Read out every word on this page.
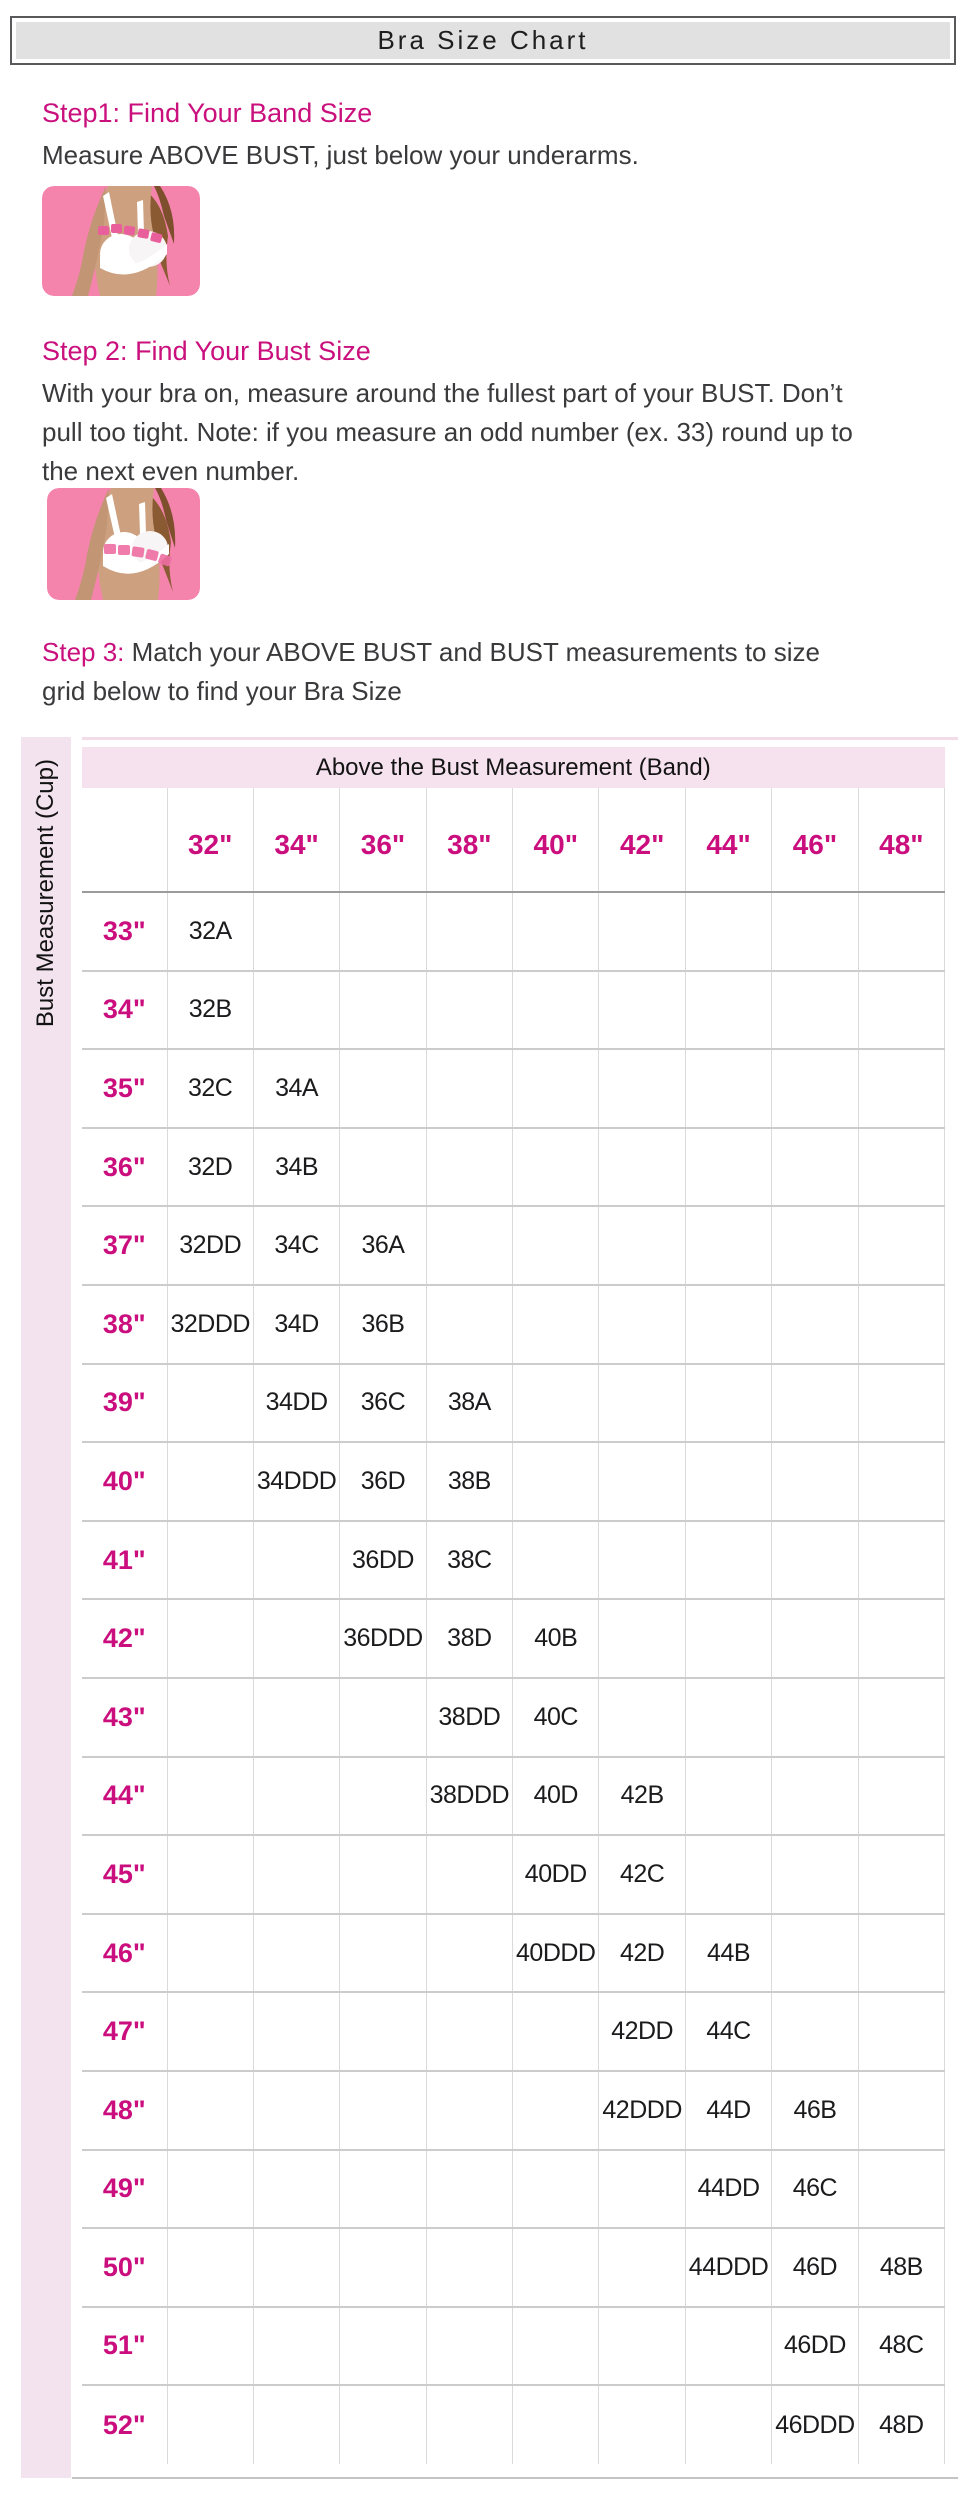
Bra Size Chart
Step1: Find Your Band Size

Measure ABOVE BUST, just below your underarms.

Step 2: Find Your Bust Size

With your bra on, measure around the fullest part of your BUST. Don’t pull too tight. Note: if you measure an odd number (ex. 33) round up to the next even number.

Step 3: Match your ABOVE BUST and BUST measurements to size grid below to find your Bra Size

Bust Measurement (Cup)	Above the Bust Measurement (Band)									
	32"	34"	36"	38"	40"	42"	44"	46"	48"
33"	32A								
34"	32B								
35"	32C	34A							
36"	32D	34B							
37"	32DD	34C	36A						
38"	32DDD	34D	36B						
39"		34DD	36C	38A					
40"		34DDD	36D	38B					
41"			36DD	38C					
42"			36DDD	38D	40B				
43"				38DD	40C				
44"				38DDD	40D	42B			
45"					40DD	42C			
46"					40DDD	42D	44B		
47"						42DD	44C		
48"						42DDD	44D	46B	
49"							44DD	46C	
50"							44DDD	46D	48B
51"								46DD	48C
52"								46DDD	48D
